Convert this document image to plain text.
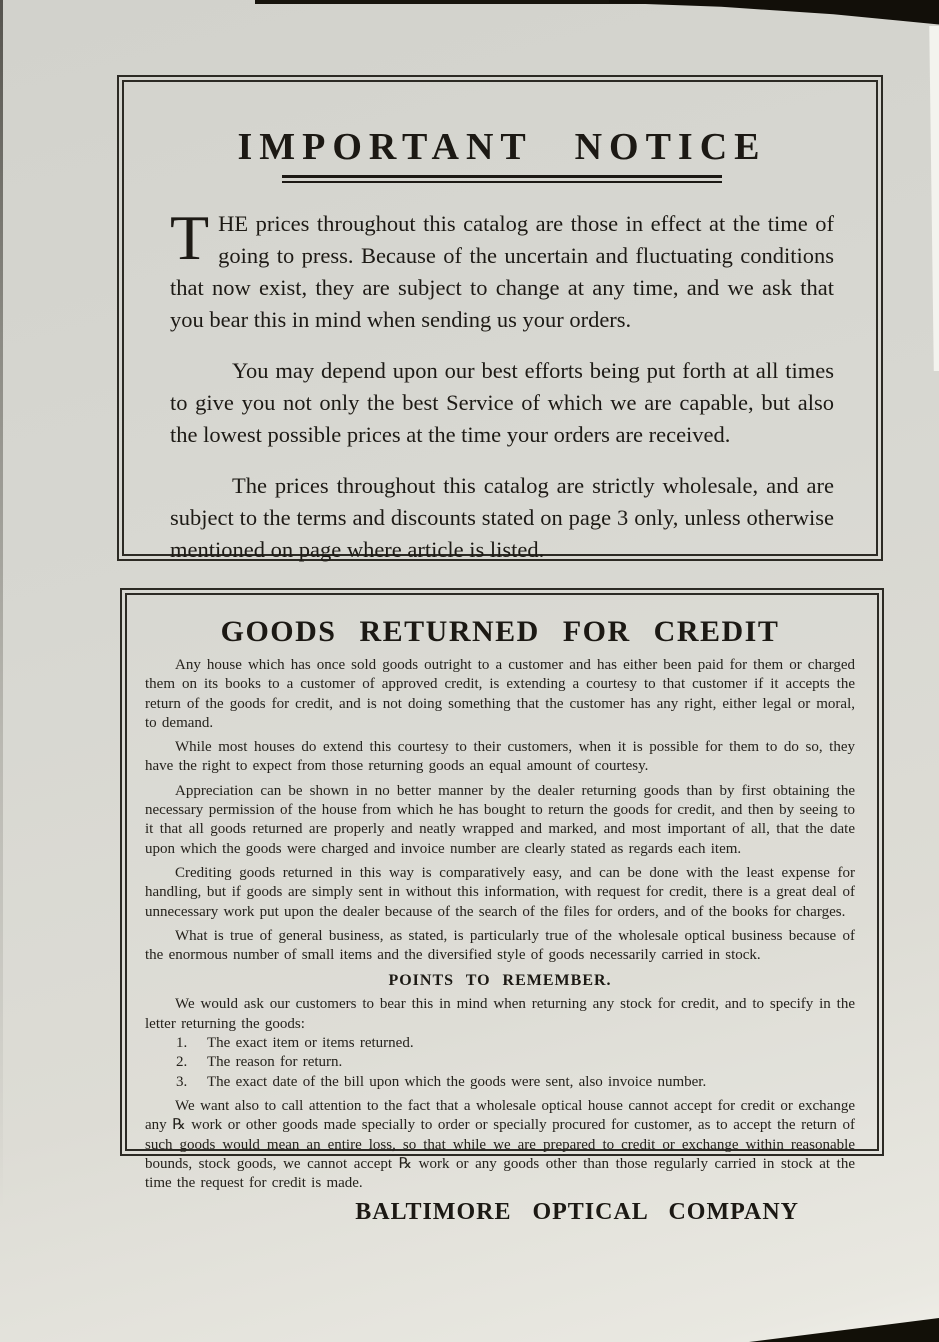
IMPORTANT NOTICE

THE prices throughout this catalog are those in effect at the time of going to press. Because of the uncertain and fluctuating conditions that now exist, they are subject to change at any time, and we ask that you bear this in mind when sending us your orders.

You may depend upon our best efforts being put forth at all times to give you not only the best Service of which we are capable, but also the lowest possible prices at the time your orders are received.

The prices throughout this catalog are strictly wholesale, and are subject to the terms and discounts stated on page 3 only, unless otherwise mentioned on page where article is listed.

GOODS RETURNED FOR CREDIT

Any house which has once sold goods outright to a customer and has either been paid for them or charged them on its books to a customer of approved credit, is extending a courtesy to that customer if it accepts the return of the goods for credit, and is not doing something that the customer has any right, either legal or moral, to demand.

While most houses do extend this courtesy to their customers, when it is possible for them to do so, they have the right to expect from those returning goods an equal amount of courtesy.

Appreciation can be shown in no better manner by the dealer returning goods than by first obtaining the necessary permission of the house from which he has bought to return the goods for credit, and then by seeing to it that all goods returned are properly and neatly wrapped and marked, and most important of all, that the date upon which the goods were charged and invoice number are clearly stated as regards each item.

Crediting goods returned in this way is comparatively easy, and can be done with the least expense for handling, but if goods are simply sent in without this information, with request for credit, there is a great deal of unnecessary work put upon the dealer because of the search of the files for orders, and of the books for charges.

What is true of general business, as stated, is particularly true of the wholesale optical business because of the enormous number of small items and the diversified style of goods necessarily carried in stock.

POINTS TO REMEMBER.

We would ask our customers to bear this in mind when returning any stock for credit, and to specify in the letter returning the goods:

1. The exact item or items returned.
2. The reason for return.
3. The exact date of the bill upon which the goods were sent, also invoice number.

We want also to call attention to the fact that a wholesale optical house cannot accept for credit or exchange any ℞ work or other goods made specially to order or specially procured for customer, as to accept the return of such goods would mean an entire loss, so that while we are prepared to credit or exchange within reasonable bounds, stock goods, we cannot accept ℞ work or any goods other than those regularly carried in stock at the time the request for credit is made.

BALTIMORE OPTICAL COMPANY
